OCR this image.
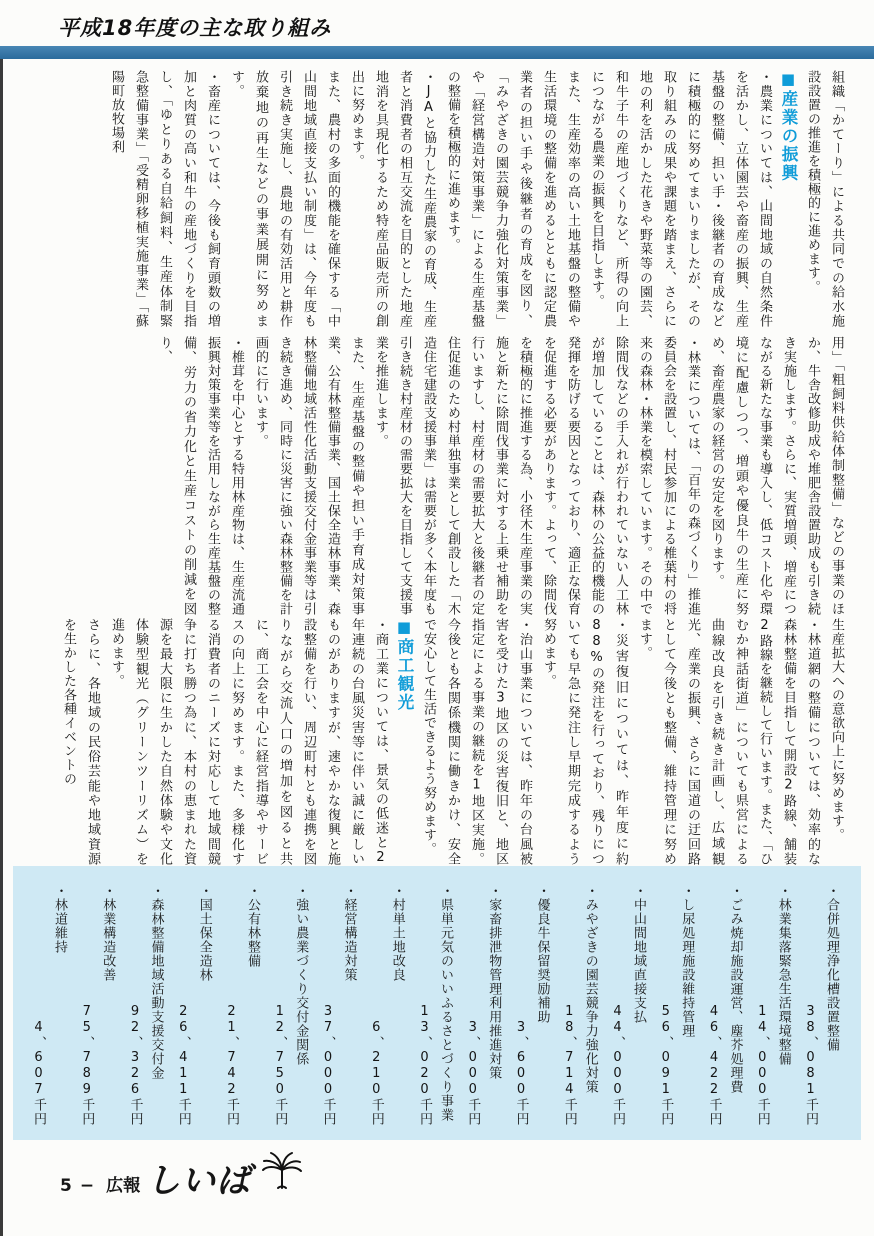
平成18年度の主な取り組み
組織「かてーり」による共同での給水施設設置の推進を積極的に進めます。
■産業の振興
・農業については、山間地域の自然条件を活かし、立体園芸や畜産の振興、生産基盤の整備、担い手・後継者の育成などに積極的に努めてまいりましたが、その取り組みの成果や課題を踏まえ、さらに地の利を活かした花きや野菜等の園芸、和牛子牛の産地づくりなど、所得の向上につながる農業の振興を目指します。
また、生産効率の高い土地基盤の整備や生活環境の整備を進めるとともに認定農業者の担い手や後継者の育成を図り、「みやざきの園芸競争力強化対策事業」や「経営構造対策事業」による生産基盤の整備を積極的に進めます。
・JAと協力した生産農家の育成、生産者と消費者の相互交流を目的とした地産地消を具現化するため特産品販売所の創出に努めます。
また、農村の多面的機能を確保する「中山間地域直接支払い制度」は、今年度も引き続き実施し、農地の有効活用と耕作放棄地の再生などの事業展開に努めます。
・畜産については、今後も飼育頭数の増加と肉質の高い和牛の産地づくりを目指し、「ゆとりある自給飼料、生産体制緊急整備事業」「受精卵移植実施事業」「蘇陽町放牧場利
用」「粗飼料供給体制整備」などの事業のほか、牛舎改修助成や堆肥舎設置助成も引き続き実施します。さらに、実質増頭、増産につながる新たな事業も導入し、低コスト化や環境に配慮しつつ、増頭や優良牛の生産に努め、畜産農家の経営の安定を図ります。
・林業については、「百年の森づくり」推進委員会を設置し、村民参加による椎葉村の将来の森林・林業を模索しています。その中で除間伐などの手入れが行われていない人工林が増加していることは、森林の公益的機能の発揮を防げる要因となっており、適正な保育を促進する必要があります。よって、除間伐を積極的に推進する為、小径木生産事業の実施と新たに除間伐事業に対する上乗せ補助を行いますし、村産材の需要拡大と後継者の定住促進のため村単独事業として創設した「木造住宅建設支援事業」は需要が多く本年度も引き続き村産材の需要拡大を目指して支援事業を推進します。
また、生産基盤の整備や担い手育成対策事業、公有林整備事業、国土保全造林事業、森林整備地域活性化活動支援交付金事業等は引き続き進め、同時に災害に強い森林整備を計画的に行います。
・椎茸を中心とする特用林産物は、生産流通振興対策事業等を活用しながら生産基盤の整備、労力の省力化と生産コストの削減を図り、
生産拡大への意欲向上に努めます。
・林道網の整備については、効率的な森林整備を目指して開設2路線、舗装2路線を継続して行います。また、「ひむか神話街道」についても県営による曲線改良を引き続き計画し、広域観光、産業の振興、さらに国道の迂回路として今後とも整備、維持管理に努めます。
・災害復旧については、昨年度に約88%の発注を行っており、残りについても早急に発注し早期完成するよう努めます。
・治山事業については、昨年の台風被害を受けた3地区の災害復旧と、地区指定による事業の継続を1地区実施。今後とも各関係機関に働きかけ、安全で安心して生活できるよう努めます。
■商工観光
・商工業については、景気の低迷と2年連続の台風災害等に伴い誠に厳しいものがありますが、速やかな復興と施設整備を行い、周辺町村とも連携を図りながら交流人口の増加を図ると共に、商工会を中心に経営指導やサービスの向上に努めます。また、多様化する消費者のニーズに対応して地域間競争に打ち勝つ為に、本村の恵まれた資源を最大限に生かした自然体験や文化体験型観光（グリーンツーリズム）を進めます。
さらに、各地域の民俗芸能や地域資源を生かした各種イベントの
・合併処理浄化槽設置整備
38、081千円
・林業集落緊急生活環境整備
14、000千円
・ごみ焼却施設運営、塵芥処理費
46、422千円
・し尿処理施設維持管理
56、091千円
・中山間地域直接支払
44、000千円
・みやざきの園芸競争力強化対策
18、714千円
・優良牛保留奨励補助
3、600千円
・家畜排泄物管理利用推進対策
3、000千円
・県単元気のいいふるさとづくり事業
13、020千円
・村単土地改良
6、210千円
・経営構造対策
37、000千円
・強い農業づくり交付金関係
12、750千円
・公有林整備
21、742千円
・国土保全造林
26、411千円
・森林整備地域活動支援交付金
92、326千円
・林業構造改善
75、789千円
・林道維持
4、607千円
5 − 広報 しいば
